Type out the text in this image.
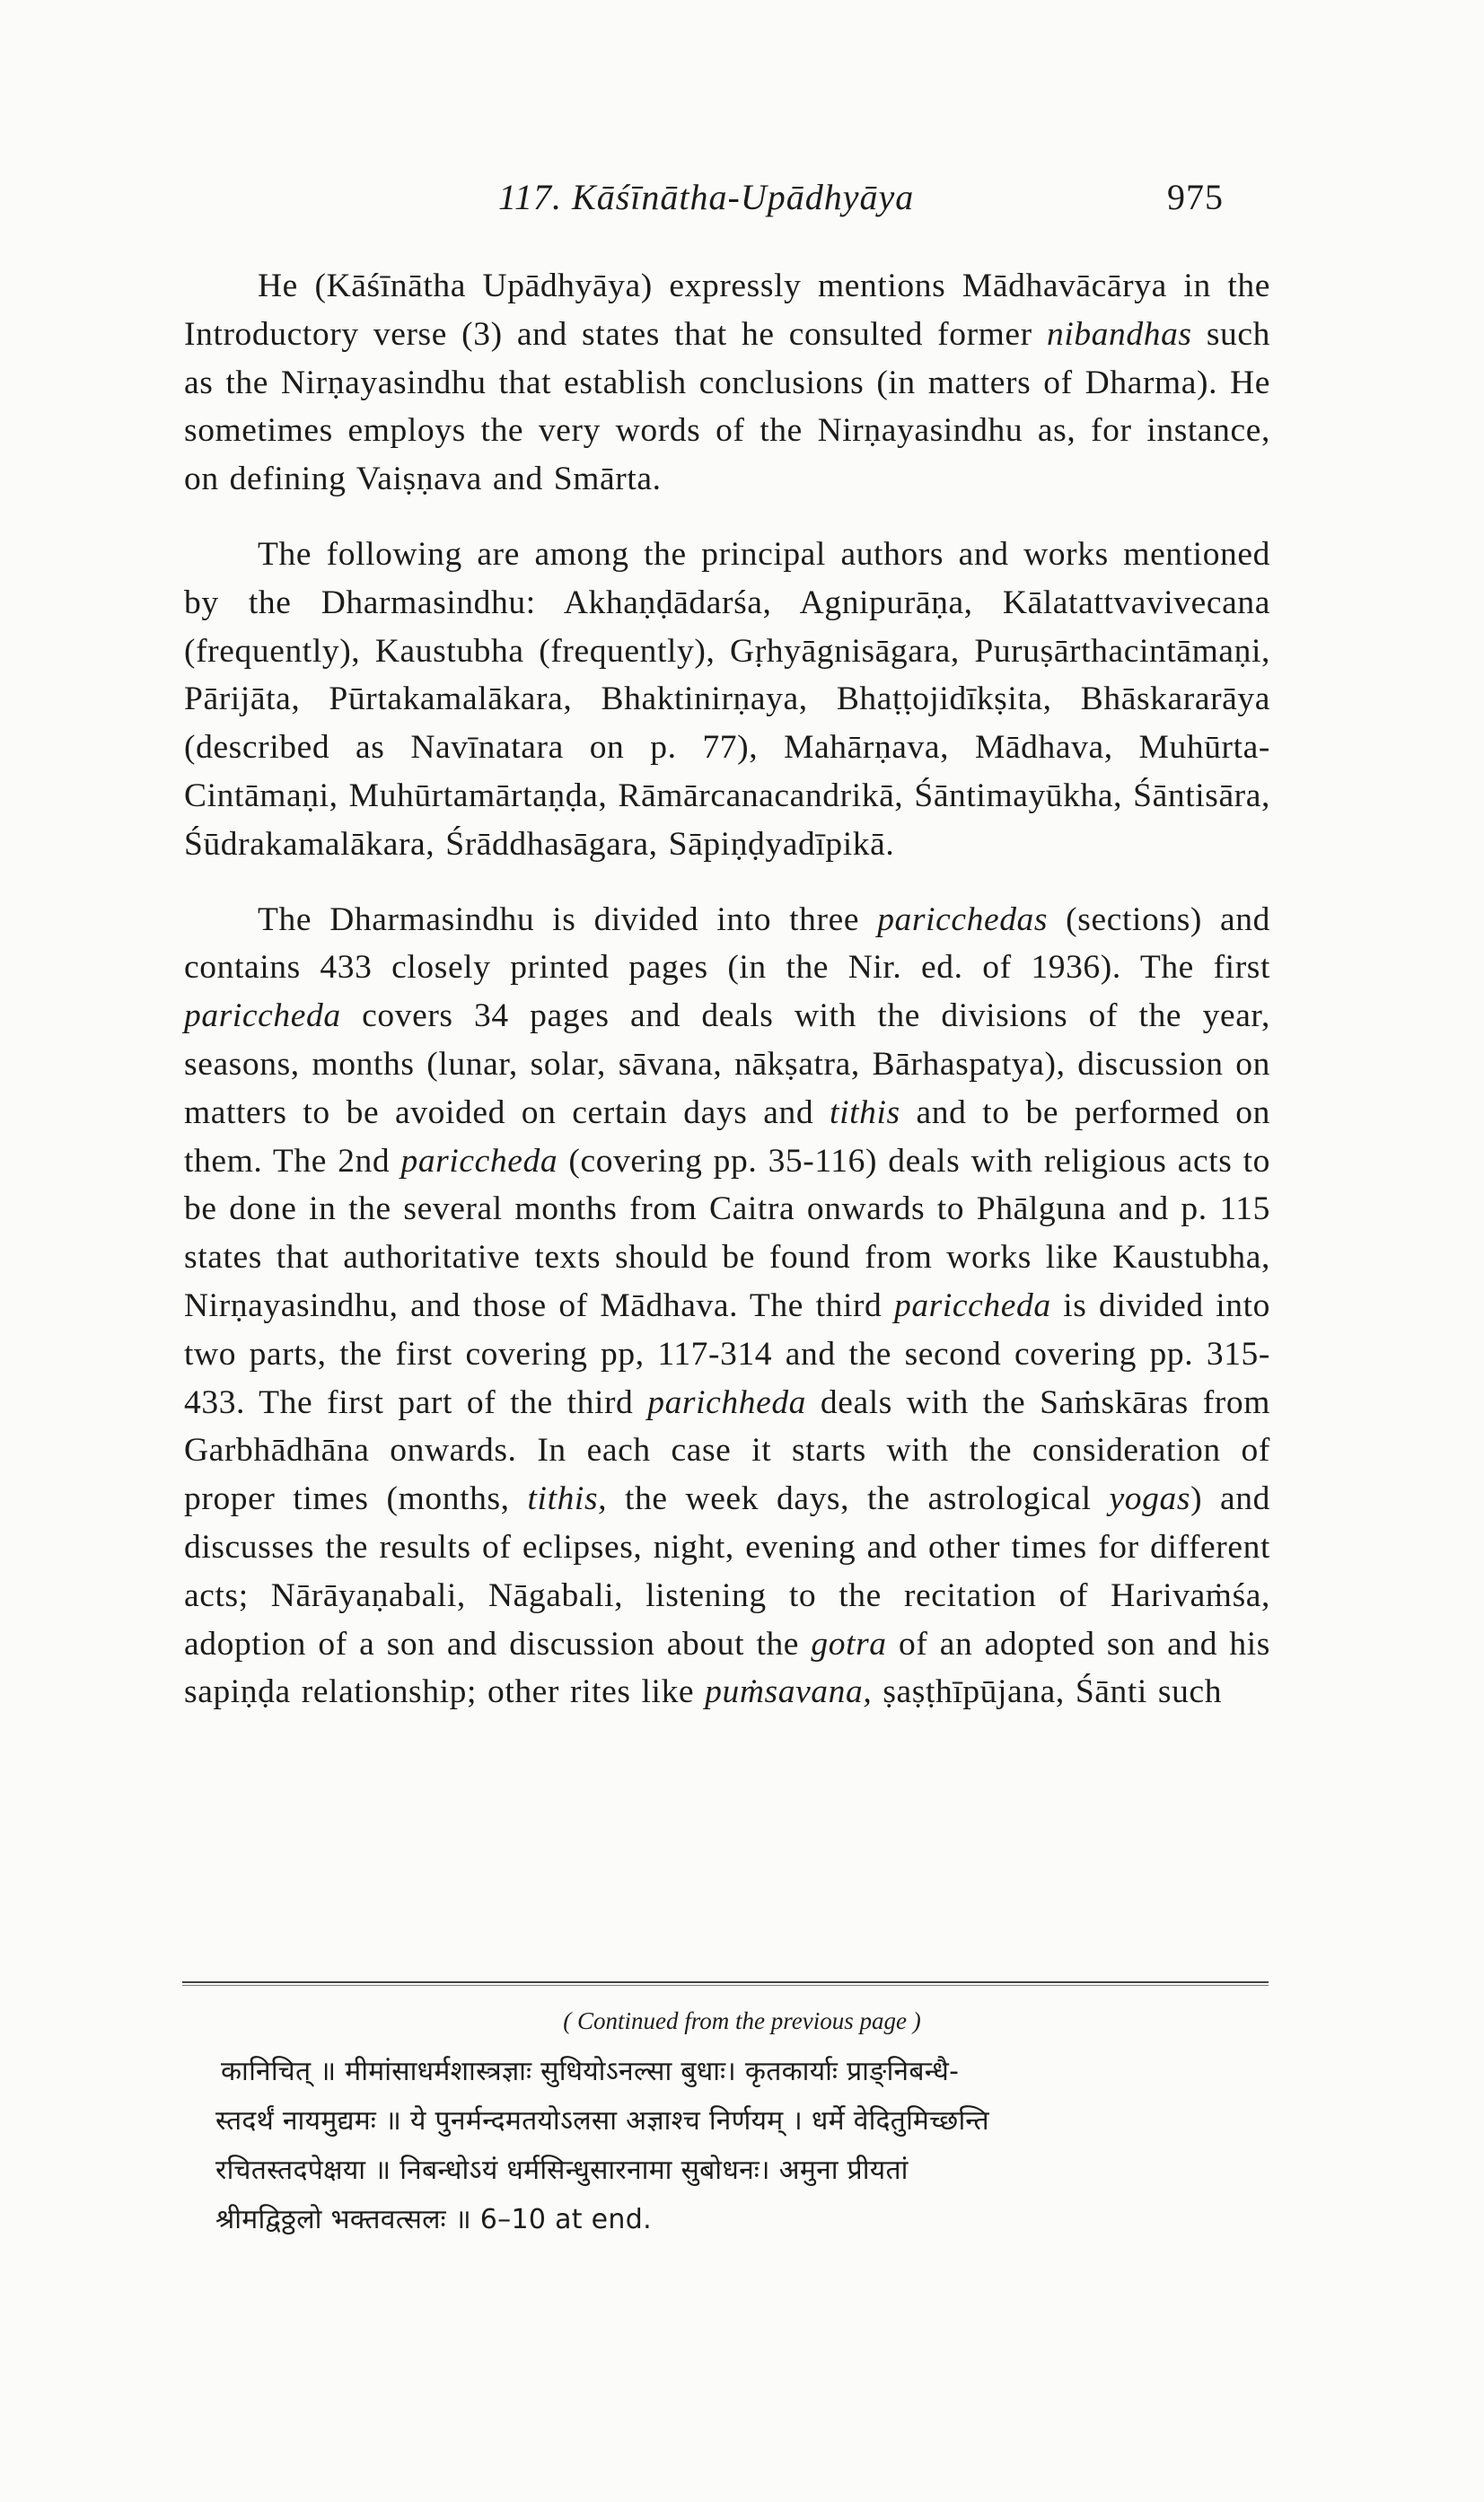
117. Kāśīnātha-Upādhyāya	975

He (Kāśīnātha Upādhyāya) expressly mentions Mādhavācārya in the Introductory verse (3) and states that he consulted former nibandhas such as the Nirṇayasindhu that establish conclusions (in matters of Dharma). He sometimes employs the very words of the Nirṇayasindhu as, for instance, on defining Vaiṣṇava and Smārta.

The following are among the principal authors and works mentioned by the Dharmasindhu: Akhaṇḍādarśa, Agnipurāṇa, Kālatattvavivecana (frequently), Kaustubha (frequently), Gṛhyāgnisāgara, Puruṣārthacintāmaṇi, Pārijāta, Pūrtakamalākara, Bhaktinirṇaya, Bhaṭṭojidīkṣita, Bhāskararāya (described as Navīnatara on p. 77), Mahārṇava, Mādhava, Muhūrta-Cintāmaṇi, Muhūrtamārtaṇḍa, Rāmārcanacandrikā, Śāntimayūkha, Śāntisāra, Śūdrakamalākara, Śrāddhasāgara, Sāpiṇḍyadīpikā.

The Dharmasindhu is divided into three paricchedas (sections) and contains 433 closely printed pages (in the Nir. ed. of 1936). The first pariccheda covers 34 pages and deals with the divisions of the year, seasons, months (lunar, solar, sāvana, nākṣatra, Bārhaspatya), discussion on matters to be avoided on certain days and tithis and to be performed on them. The 2nd pariccheda (covering pp. 35-116) deals with religious acts to be done in the several months from Caitra onwards to Phālguna and p. 115 states that authoritative texts should be found from works like Kaustubha, Nirṇayasindhu, and those of Mādhava. The third pariccheda is divided into two parts, the first covering pp, 117-314 and the second covering pp. 315-433. The first part of the third parichheda deals with the Saṁskāras from Garbhādhāna onwards. In each case it starts with the consideration of proper times (months, tithis, the week days, the astrological yogas) and discusses the results of eclipses, night, evening and other times for different acts; Nārāyaṇabali, Nāgabali, listening to the recitation of Harivaṁśa, adoption of a son and discussion about the gotra of an adopted son and his sapiṇḍa relationship; other rites like puṁsavana, ṣaṣṭhīpūjana, Śānti such

( Continued from the previous page )
कानिचित् ॥ मीमांसाधर्मशास्त्रज्ञाः सुधियोऽनल्सा बुधाः। कृतकार्याः प्राङ्निबन्धै-
स्तदर्थं नायमुद्यमः ॥ ये पुनर्मन्दमतयोऽलसा अज्ञाश्च निर्णयम् । धर्मे वेदितुमिच्छन्ति
रचितस्तदपेक्षया ॥ निबन्धोऽयं धर्मसिन्धुसारनामा सुबोधनः। अमुना प्रीयतां
श्रीमद्विठ्ठलो भक्तवत्सलः ॥ 6–10 at end.
